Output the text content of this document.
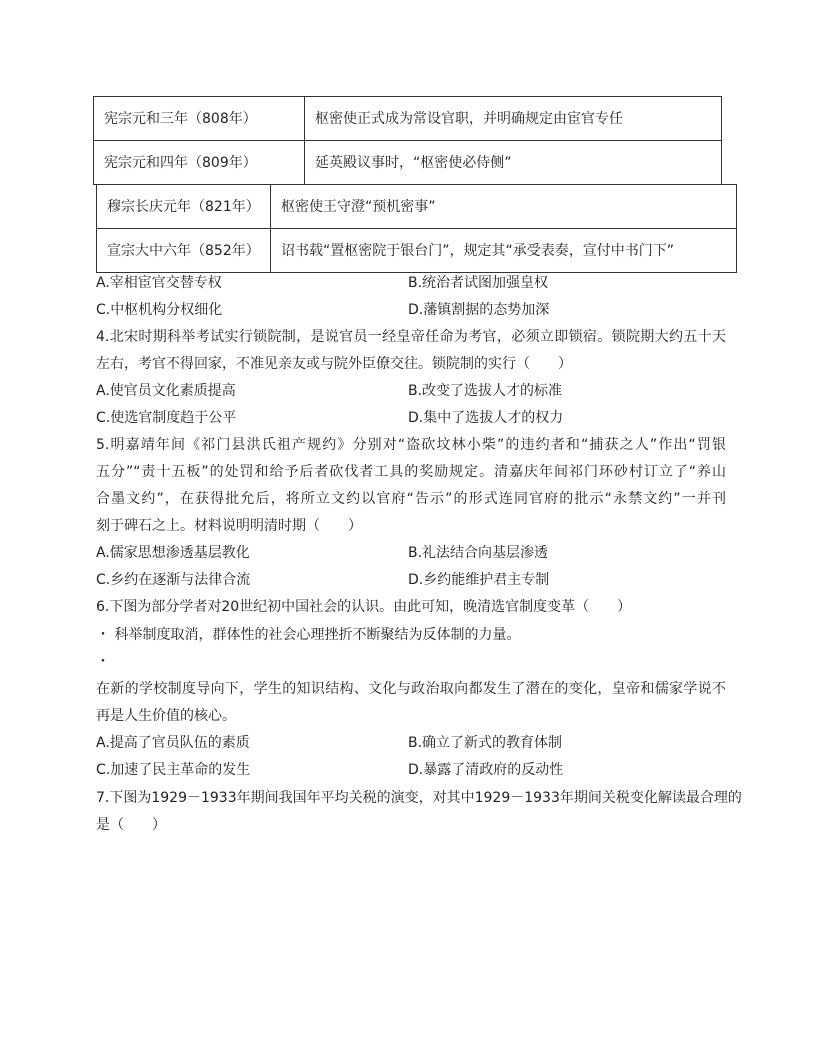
宪宗元和三年（808年）	枢密使正式成为常设官职，并明确规定由宦官专任
宪宗元和四年（809年）	延英殿议事时，“枢密使必侍侧”
穆宗长庆元年（821年）	枢密使王守澄“预机密事”
宣宗大中六年（852年）	诏书载“置枢密院于银台门”，规定其“承受表奏，宣付中书门下”
A.宰相宦官交替专权	B.统治者试图加强皇权
C.中枢机构分权细化	D.藩镇割据的态势加深
4.北宋时期科举考试实行锁院制，是说官员一经皇帝任命为考官，必须立即锁宿。锁院期大约五十天
左右，考官不得回家，不准见亲友或与院外臣僚交往。锁院制的实行（　　）
A.使官员文化素质提高	B.改变了选拔人才的标准
C.使选官制度趋于公平	D.集中了选拔人才的权力
5.明嘉靖年间《祁门县洪氏祖产规约》分别对“盗砍坟林小柴”的违约者和“捕获之人”作出“罚银
五分”“责十五板”的处罚和给予后者砍伐者工具的奖励规定。清嘉庆年间祁门环砂村订立了“养山
合墨文约”，在获得批允后，将所立文约以官府“告示”的形式连同官府的批示“永禁文约”一并刊
刻于碑石之上。材料说明明清时期（　　）
A.儒家思想渗透基层教化	B.礼法结合向基层渗透
C.乡约在逐渐与法律合流	D.乡约能维护君主专制
6.下图为部分学者对20世纪初中国社会的认识。由此可知，晚清选官制度变革（　　）
・ 科举制度取消，群体性的社会心理挫折不断聚结为反体制的力量。
・
在新的学校制度导向下，学生的知识结构、文化与政治取向都发生了潜在的变化，皇帝和儒家学说不
再是人生价值的核心。
A.提高了官员队伍的素质	B.确立了新式的教育体制
C.加速了民主革命的发生	D.暴露了清政府的反动性
7.下图为1929－1933年期间我国年平均关税的演变，对其中1929－1933年期间关税变化解读最合理的
是（　　）
